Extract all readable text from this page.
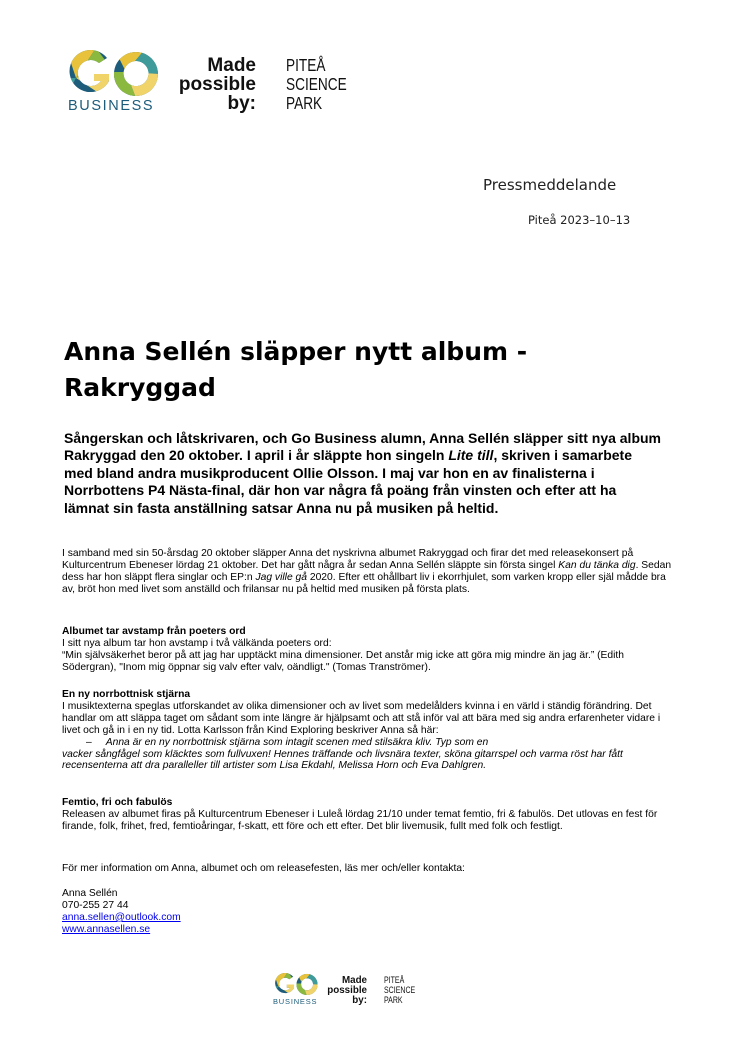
BUSINESS
Made
possible
by:
PITEÅ
SCIENCE
PARK
Pressmeddelande
Piteå 2023–10–13
Anna Sellén släpper nytt album - Rakryggad
Sångerskan och låtskrivaren, och Go Business alumn, Anna Sellén släpper sitt nya album Rakryggad den 20 oktober. I april i år släppte hon singeln Lite till, skriven i samarbete med bland andra musikproducent Ollie Olsson. I maj var hon en av finalisterna i Norrbottens P4 Nästa-final, där hon var några få poäng från vinsten och efter att ha lämnat sin fasta anställning satsar Anna nu på musiken på heltid.

I samband med sin 50-årsdag 20 oktober släpper Anna det nyskrivna albumet Rakryggad och firar det med releasekonsert på Kulturcentrum Ebeneser lördag 21 oktober. Det har gått några år sedan Anna Sellén släppte sin första singel Kan du tänka dig. Sedan dess har hon släppt flera singlar och EP:n Jag ville gå 2020. Efter ett ohållbart liv i ekorrhjulet, som varken kropp eller själ mådde bra av, bröt hon med livet som anställd och frilansar nu på heltid med musiken på första plats.

Albumet tar avstamp från poeters ord

I sitt nya album tar hon avstamp i två välkända poeters ord:

“Min självsäkerhet beror på att jag har upptäckt mina dimensioner. Det anstår mig icke att göra mig mindre än jag är.” (Edith Södergran), "Inom mig öppnar sig valv efter valv, oändligt." (Tomas Tranströmer).

En ny norrbottnisk stjärna

I musiktexterna speglas utforskandet av olika dimensioner och av livet som medelålders kvinna i en värld i ständig förändring. Det handlar om att släppa taget om sådant som inte längre är hjälpsamt och att stå inför val att bära med sig andra erfarenheter vidare i livet och gå in i en ny tid. Lotta Karlsson från Kind Exploring beskriver Anna så här:

– Anna är en ny norrbottnisk stjärna som intagit scenen med stilsäkra kliv. Typ som en

vacker sångfågel som kläcktes som fullvuxen! Hennes träffande och livsnära texter, sköna gitarrspel och varma röst har fått recensenterna att dra paralleller till artister som Lisa Ekdahl, Melissa Horn och Eva Dahlgren.

Femtio, fri och fabulös

Releasen av albumet firas på Kulturcentrum Ebeneser i Luleå lördag 21/10 under temat femtio, fri & fabulös. Det utlovas en fest för firande, folk, frihet, fred, femtioåringar, f-skatt, ett före och ett efter. Det blir livemusik, fullt med folk och festligt.

För mer information om Anna, albumet och om releasefesten, läs mer och/eller kontakta:

Anna Sellén

070-255 27 44

anna.sellen@outlook.com

www.annasellen.se

BUSINESS
Made
possible
by:
PITEÅ
SCIENCE
PARK
